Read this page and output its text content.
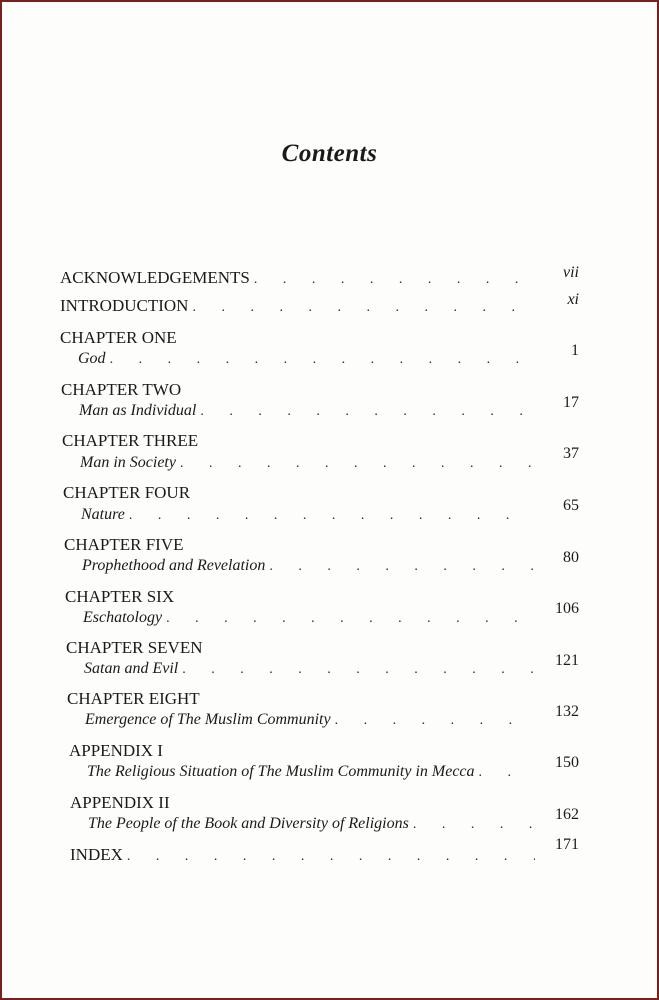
Contents
ACKNOWLEDGEMENTS . . .	vii
INTRODUCTION . . .	xi
CHAPTER ONE
God
. . .	1
CHAPTER TWO
Man as Individual
. . .	17
CHAPTER THREE
Man in Society
. . .
37
CHAPTER FOUR
Nature
. . .
65
CHAPTER FIVE
Prophethood and Revelation
. . .	80
CHAPTER SIX
Eschatology
. . .
106
CHAPTER SEVEN
Satan and Evil
. . .	121
CHAPTER EIGHT
Emergence of The Muslim Community
. . .	132
APPENDIX I
The Religious Situation of The Muslim Community in Mecca
. . .
150
APPENDIX II
The People of the Book and Diversity of Religions
. . .
162
INDEX
. . .
171
